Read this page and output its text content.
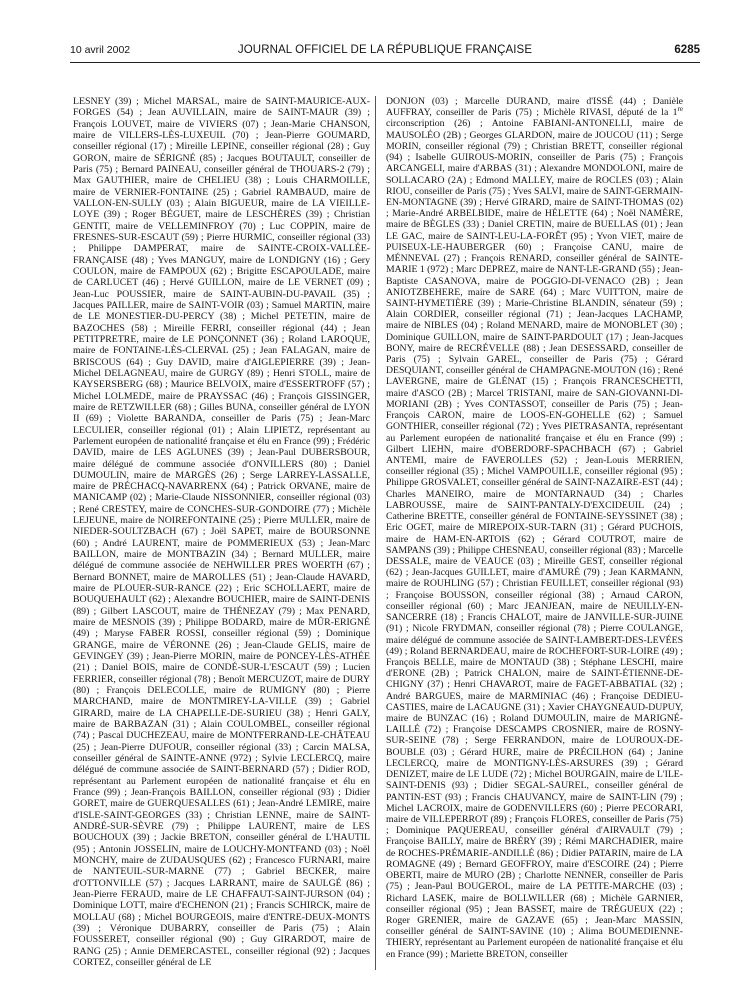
10 avril 2002	JOURNAL OFFICIEL DE LA RÉPUBLIQUE FRANÇAISE	6285

LESNEY (39) ; Michel MARSAL, maire de SAINT-MAURICE-AUX-FORGES (54) ; Jean AUVILLAIN, maire de SAINT-MAUR (39) ; François LOUVET, maire de VIVIERS (07) ; Jean-Marie CHANSON, maire de VILLERS-LÈS-LUXEUIL (70) ; Jean-Pierre GOUMARD, conseiller régional (17) ; Mireille LEPINE, conseiller régional (28) ; Guy GORON, maire de SÉRIGNÉ (85) ; Jacques BOUTAULT, conseiller de Paris (75) ; Bernard PAINEAU, conseiller général de THOUARS-2 (79) ; Max GAUTHIER, maire de CHELIEU (38) ; Louis CHARMOILLE, maire de VERNIER-FONTAINE (25) ; Gabriel RAMBAUD, maire de VALLON-EN-SULLY (03) ; Alain BIGUEUR, maire de LA VIEILLE-LOYE (39) ; Roger BÉGUET, maire de LESCHÈRES (39) ; Christian GENTIT, maire de VELLEMINFROY (70) ; Luc COPPIN, maire de FRESNES-SUR-ESCAUT (59) ; Pierre HURMIC, conseiller régional (33) ; Philippe DAMPERAT, maire de SAINTE-CROIX-VALLÉE-FRANÇAISE (48) ; Yves MANGUY, maire de LONDIGNY (16) ; Gery COULON, maire de FAMPOUX (62) ; Brigitte ESCAPOULADE, maire de CARLUCET (46) ; Hervé GUILLON, maire de LE VERNET (09) ; Jean-Luc POUSSIER, maire de SAINT-AUBIN-DU-PAVAIL (35) ; Jacques PAILLER, maire de SAINT-VOIR (03) ; Samuel MARTIN, maire de LE MONESTIER-DU-PERCY (38) ; Michel PETETIN, maire de BAZOCHES (58) ; Mireille FERRI, conseiller régional (44) ; Jean PETITPRETRE, maire de LE PONÇONNET (36) ; Roland LAROQUE, maire de FONTAINE-LÈS-CLERVAL (25) ; Jean FALAGAN, maire de BRISCOUS (64) ; Guy DAVID, maire d'AIGLEPIERRE (39) ; Jean-Michel DELAGNEAU, maire de GURGY (89) ; Henri STOLL, maire de KAYSERSBERG (68) ; Maurice BELVOIX, maire d'ESSERTROFF (57) ; Michel LOLMEDE, maire de PRAYSSAC (46) ; François GISSINGER, maire de RETZWILLER (68) ; Gilles BUNA, conseiller général de LYON II (69) ; Violette BARANDA, conseiller de Paris (75) ; Jean-Marc LECULIER, conseiller régional (01) ; Alain LIPIETZ, représentant au Parlement européen de nationalité française et élu en France (99) ; Frédéric DAVID, maire de LES AGLUNES (39) ; Jean-Paul DUBERSBOUR, maire délégué de commune associée d'ONVILLERS (80) ; Daniel DUMOULIN, maire de MARGÈS (26) ; Serge LARREY-LASSALLE, maire de PRÉCHACQ-NAVARRENX (64) ; Patrick ORVANE, maire de MANICAMP (02) ; Marie-Claude NISSONNIER, conseiller régional (03) ; René CRESTEY, maire de CONCHES-SUR-GONDOIRE (77) ; Michèle LEJEUNE, maire de NOIREFONTAINE (25) ; Pierre MULLER, maire de NIEDER-SOULTZBACH (67) ; Joël SAPET, maire de BOURSONNE (60) ; André LAURENT, maire de POMMERIEUX (53) ; Jean-Marc BAILLON, maire de MONTBAZIN (34) ; Bernard MULLER, maire délégué de commune associée de NEHWILLER PRES WOERTH (67) ; Bernard BONNET, maire de MAROLLES (51) ; Jean-Claude HAVARD, maire de PLOUER-SUR-RANCE (22) ; Eric SCHOLLAERT, maire de BOUQUEHAULT (62) ; Alexandre BOUCHIER, maire de SAINT-DENIS (89) ; Gilbert LASCOUT, maire de THÉNEZAY (79) ; Max PENARD, maire de MESNOIS (39) ; Philippe BODARD, maire de MÛR-ERIGNÉ (49) ; Maryse FABER ROSSI, conseiller régional (59) ; Dominique GRANGE, maire de VÉRONNE (26) ; Jean-Claude GELIS, maire de GEVINGEY (39) ; Jean-Pierre MORIN, maire de PONCEY-LÈS-ATHÉE (21) ; Daniel BOIS, maire de CONDÉ-SUR-L'ESCAUT (59) ; Lucien FERRIER, conseiller régional (78) ; Benoît MERCUZOT, maire de DURY (80) ; François DELECOLLE, maire de RUMIGNY (80) ; Pierre MARCHAND, maire de MONTMIREY-LA-VILLE (39) ; Gabriel GIRARD, maire de LA CHAPELLE-DE-SURIEU (38) ; Henri GALY, maire de BARBAZAN (31) ; Alain COULOMBEL, conseiller régional (74) ; Pascal DUCHEZEAU, maire de MONTFERRAND-LE-CHÂTEAU (25) ; Jean-Pierre DUFOUR, conseiller régional (33) ; Carcin MALSA, conseiller général de SAINTE-ANNE (972) ; Sylvie LECLERCQ, maire délégué de commune associée de SAINT-BERNARD (57) ; Didier ROD, représentant au Parlement européen de nationalité française et élu en France (99) ; Jean-François BAILLON, conseiller régional (93) ; Didier GORET, maire de GUERQUESALLES (61) ; Jean-André LEMIRE, maire d'ISLE-SAINT-GEORGES (33) ; Christian LENNE, maire de SAINT-ANDRÉ-SUR-SÈVRE (79) ; Philippe LAURENT, maire de LES BOUCHOUX (39) ; Jackie BRETON, conseiller général de L'HAUTIL (95) ; Antonin JOSSELIN, maire de LOUCHY-MONTFAND (03) ; Noël MONCHY, maire de ZUDAUSQUES (62) ; Francesco FURNARI, maire de NANTEUIL-SUR-MARNE (77) ; Gabriel BECKER, maire d'OTTONVILLE (57) ; Jacques LARRANT, maire de SAULGÉ (86) ; Jean-Pierre FERAUD, maire de LE CHAFFAUT-SAINT-JURSON (04) ; Dominique LOTT, maire d'ECHENON (21) ; Francis SCHIRCK, maire de MOLLAU (68) ; Michel BOURGEOIS, maire d'ENTRE-DEUX-MONTS (39) ; Véronique DUBARRY, conseiller de Paris (75) ; Alain FOUSSERET, conseiller régional (90) ; Guy GIRARDOT, maire de RANG (25) ; Annie DEMERCASTEL, conseiller régional (92) ; Jacques CORTEZ, conseiller général de LE

DONJON (03) ; Marcelle DURAND, maire d'ISSÉ (44) ; Danièle AUFFRAY, conseiller de Paris (75) ; Michèle RIVASI, député de la 1re circonscription (26) ; Antoine FABIANI-ANTONELLI, maire de MAUSOLÉO (2B) ; Georges GLARDON, maire de JOUCOU (11) ; Serge MORIN, conseiller régional (79) ; Christian BRETT, conseiller régional (94) ; Isabelle GUIROUS-MORIN, conseiller de Paris (75) ; François ARCANGELI, maire d'ARBAS (31) ; Alexandre MONDOLONI, maire de SOLLACARO (2A) ; Edmond MALLEY, maire de ROCLES (03) ; Alain RIOU, conseiller de Paris (75) ; Yves SALVI, maire de SAINT-GERMAIN-EN-MONTAGNE (39) ; Hervé GIRARD, maire de SAINT-THOMAS (02) ; Marie-André ARBELBIDE, maire de HÉLETTE (64) ; Noël NAMÈRE, maire de BÈGLES (33) ; Daniel CRETIN, maire de BUELLAS (01) ; Jean LE GAC, maire de SAINT-LEU-LA-FORÊT (95) ; Yvon VIET, maire de PUISEUX-LE-HAUBERGER (60) ; Françoise CANU, maire de MÉNNEVAL (27) ; François RENARD, conseiller général de SAINTE-MARIE 1 (972) ; Marc DEPREZ, maire de NANT-LE-GRAND (55) ; Jean-Baptiste CASANOVA, maire de POGGIO-DI-VENACO (2B) ; Jean ANIOTZBEHERE, maire de SARE (64) ; Marc VUITTON, maire de SAINT-HYMETIÈRE (39) ; Marie-Christine BLANDIN, sénateur (59) ; Alain CORDIER, conseiller régional (71) ; Jean-Jacques LACHAMP, maire de NIBLES (04) ; Roland MENARD, maire de MONOBLET (30) ; Dominique GUILLON, maire de SAINT-PARDOULT (17) ; Jean-Jacques BONY, maire de RECRÉVELLE (88) ; Jean DESESSARD, conseiller de Paris (75) ; Sylvain GAREL, conseiller de Paris (75) ; Gérard DESQUIANT, conseiller général de CHAMPAGNE-MOUTON (16) ; René LAVERGNE, maire de GLÉNAT (15) ; François FRANCESCHETTI, maire d'ASCO (2B) ; Marcel TRISTANI, maire de SAN-GIOVANNI-DI-MORIANI (2B) ; Yves CONTASSOT, conseiller de Paris (75) ; Jean-François CARON, maire de LOOS-EN-GOHELLE (62) ; Samuel GONTHIER, conseiller régional (72) ; Yves PIETRASANTA, représentant au Parlement européen de nationalité française et élu en France (99) ; Gilbert LIEHN, maire d'OBERDORF-SPACHBACH (67) ; Gabriel ANTEMI, maire de FAVEROLLES (52) ; Jean-Louis MERRIEN, conseiller régional (35) ; Michel VAMPOUILLE, conseiller régional (95) ; Philippe GROSVALET, conseiller général de SAINT-NAZAIRE-EST (44) ; Charles MANEIRO, maire de MONTARNAUD (34) ; Charles LABROUSSE, maire de SAINT-PANTALY-D'EXCIDEUIL (24) ; Catherine BRETTE, conseiller général de FONTAINE-SEYSSINET (38) ; Eric OGET, maire de MIREPOIX-SUR-TARN (31) ; Gérard PUCHOIS, maire de HAM-EN-ARTOIS (62) ; Gérard COUTROT, maire de SAMPANS (39) ; Philippe CHESNEAU, conseiller régional (83) ; Marcelle DESSALE, maire de VEAUCE (03) ; Mireille GEST, conseiller régional (62) ; Jean-Jacques GUILLET, maire d'AMURÉ (79) ; Jean KARMANN, maire de ROUHLING (57) ; Christian FEUILLET, conseiller régional (93) ; Françoise BOUSSON, conseiller régional (38) ; Arnaud CARON, conseiller régional (60) ; Marc JEANJEAN, maire de NEUILLY-EN-SANCERRE (18) ; Francis CHALOT, maire de JANVILLE-SUR-JUINE (91) ; Nicole FRYDMAN, conseiller régional (78) ; Pierre COULANGE, maire délégué de commune associée de SAINT-LAMBERT-DES-LEVÉES (49) ; Roland BERNARDEAU, maire de ROCHEFORT-SUR-LOIRE (49) ; François BELLE, maire de MONTAUD (38) ; Stéphane LESCHI, maire d'ERONE (2B) ; Patrick CHALON, maire de SAINT-ÉTIENNE-DE-CHIGNY (37) ; Henri CHAVAROT, maire de FAGET-ABBATIAL (32) ; André BARGUES, maire de MARMINIAC (46) ; Françoise DEDIEU-CASTIES, maire de LACAUGNE (31) ; Xavier CHAYGNEAUD-DUPUY, maire de BUNZAC (16) ; Roland DUMOULIN, maire de MARIGNÉ-LAILLÉ (72) ; Françoise DESCAMPS CROSNIER, maire de ROSNY-SUR-SEINE (78) ; Serge FERRANDON, maire de LOUROUX-DE-BOUBLE (03) ; Gérard HURE, maire de PRÉCILHON (64) ; Janine LECLERCQ, maire de MONTIGNY-LÈS-ARSURES (39) ; Gérard DENIZET, maire de LE LUDE (72) ; Michel BOURGAIN, maire de L'ILE-SAINT-DENIS (93) ; Didier SEGAL-SAUREL, conseiller général de PANTIN-EST (93) ; Francis CHAUVANCY, maire de SAINT-LIN (79) ; Michel LACROIX, maire de GODENVILLERS (60) ; Pierre PECORARI, maire de VILLEPERROT (89) ; François FLORES, conseiller de Paris (75) ; Dominique PAQUEREAU, conseiller général d'AIRVAULT (79) ; Françoise BAILLY, maire de BRÉRY (39) ; Rémi MARCHADIER, maire de ROCHES-PRÉMARIE-ANDILLÉ (86) ; Didier PATARIN, maire de LA ROMAGNE (49) ; Bernard GEOFFROY, maire d'ESCOIRE (24) ; Pierre OBERTI, maire de MURO (2B) ; Charlotte NENNER, conseiller de Paris (75) ; Jean-Paul BOUGEROL, maire de LA PETITE-MARCHE (03) ; Richard LASEK, maire de BOLLWILLER (68) ; Michèle GARNIER, conseiller régional (95) ; Jean BASSET, maire de TRÉGUEUX (22) ; Roger GRENIER, maire de GAZAVE (65) ; Jean-Marc MASSIN, conseiller général de SAINT-SAVINE (10) ; Alima BOUMEDIENNE-THIERY, représentant au Parlement européen de nationalité française et élu en France (99) ; Mariette BRETON, conseiller
